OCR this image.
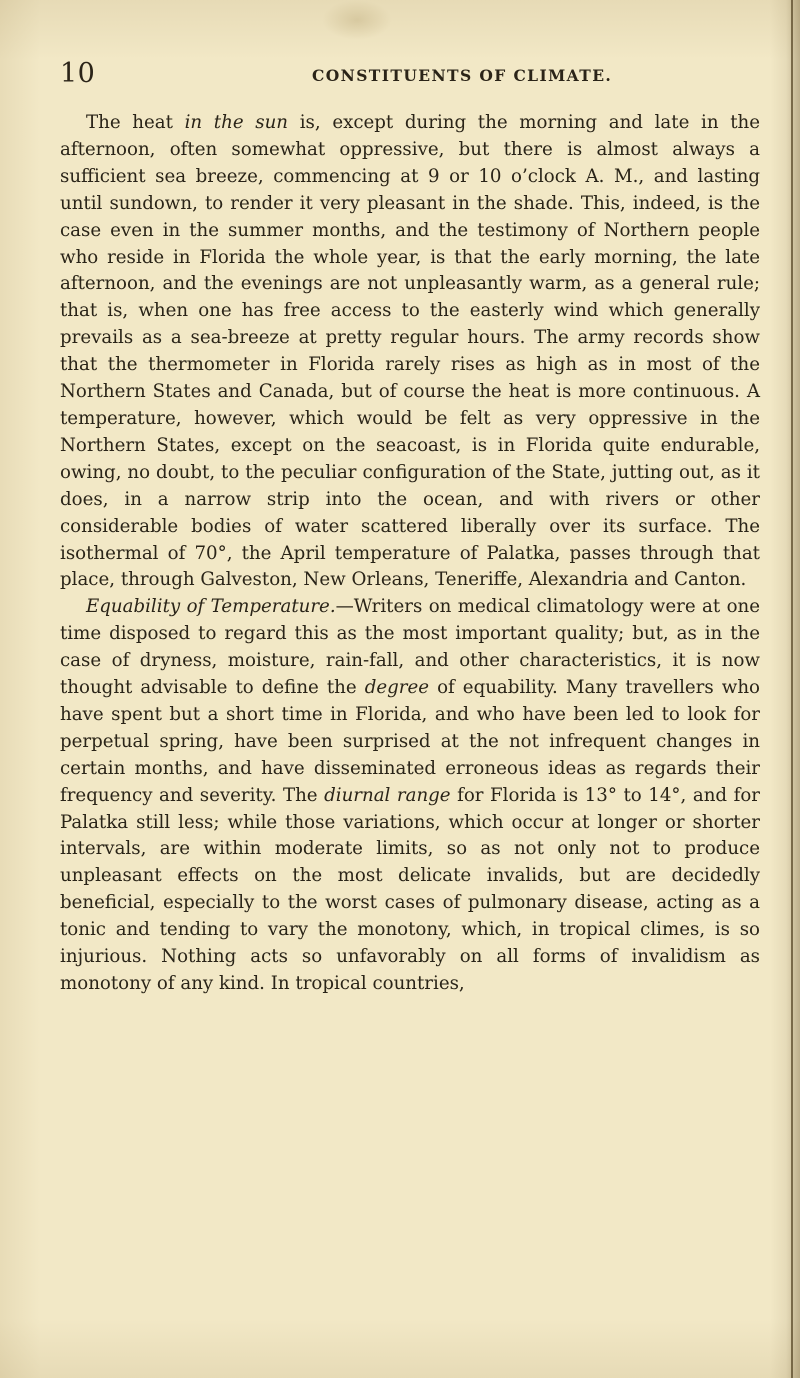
10	CONSTITUENTS OF CLIMATE.

The heat in the sun is, except during the morning and late in the afternoon, often somewhat oppressive, but there is almost always a sufficient sea breeze, commencing at 9 or 10 o’clock A. M., and lasting until sundown, to render it very pleasant in the shade. This, indeed, is the case even in the summer months, and the testimony of Northern people who reside in Florida the whole year, is that the early morning, the late afternoon, and the evenings are not unpleasantly warm, as a general rule; that is, when one has free access to the easterly wind which generally prevails as a sea-breeze at pretty regular hours. The army records show that the thermometer in Florida rarely rises as high as in most of the Northern States and Canada, but of course the heat is more continuous. A temperature, however, which would be felt as very oppressive in the Northern States, except on the seacoast, is in Florida quite endurable, owing, no doubt, to the peculiar configuration of the State, jutting out, as it does, in a narrow strip into the ocean, and with rivers or other considerable bodies of water scattered liberally over its surface. The isothermal of 70°, the April temperature of Palatka, passes through that place, through Galveston, New Orleans, Teneriffe, Alexandria and Canton.

Equability of Temperature.—Writers on medical climatology were at one time disposed to regard this as the most important quality; but, as in the case of dryness, moisture, rain-fall, and other characteristics, it is now thought advisable to define the degree of equability. Many travellers who have spent but a short time in Florida, and who have been led to look for perpetual spring, have been surprised at the not infrequent changes in certain months, and have disseminated erroneous ideas as regards their frequency and severity. The diurnal range for Florida is 13° to 14°, and for Palatka still less; while those variations, which occur at longer or shorter intervals, are within moderate limits, so as not only not to produce unpleasant effects on the most delicate invalids, but are decidedly beneficial, especially to the worst cases of pulmonary disease, acting as a tonic and tending to vary the monotony, which, in tropical climes, is so injurious. Nothing acts so unfavorably on all forms of invalidism as monotony of any kind. In tropical countries,
